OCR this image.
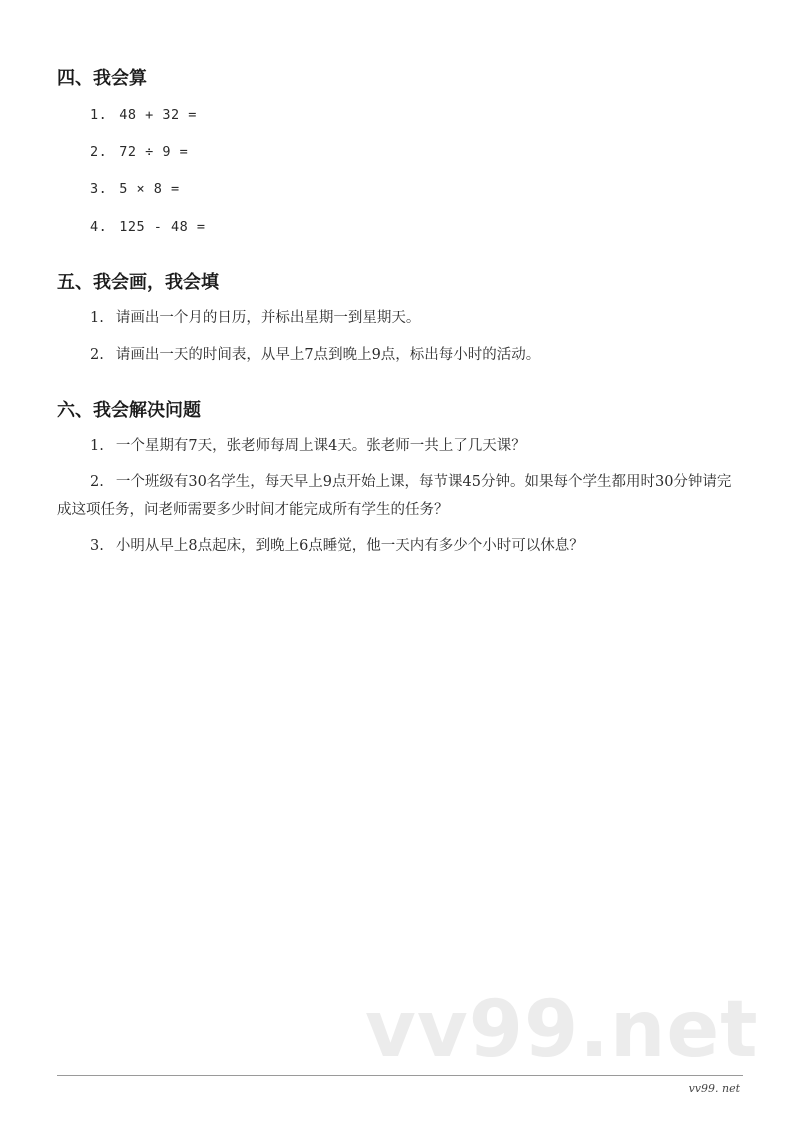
四、我会算
1. 48 + 32 =
2. 72 ÷ 9 =
3. 5 × 8 =
4. 125 - 48 =
五、我会画，我会填
1. 请画出一个月的日历，并标出星期一到星期天。
2. 请画出一天的时间表，从早上7点到晚上9点，标出每小时的活动。
六、我会解决问题
1. 一个星期有7天，张老师每周上课4天。张老师一共上了几天课？
2. 一个班级有30名学生，每天早上9点开始上课，每节课45分钟。如果每个学生都用时30分钟请完成这项任务，问老师需要多少时间才能完成所有学生的任务？
3. 小明从早上8点起床，到晚上6点睡觉，他一天内有多少个小时可以休息？
vv99.net
vv99. net
